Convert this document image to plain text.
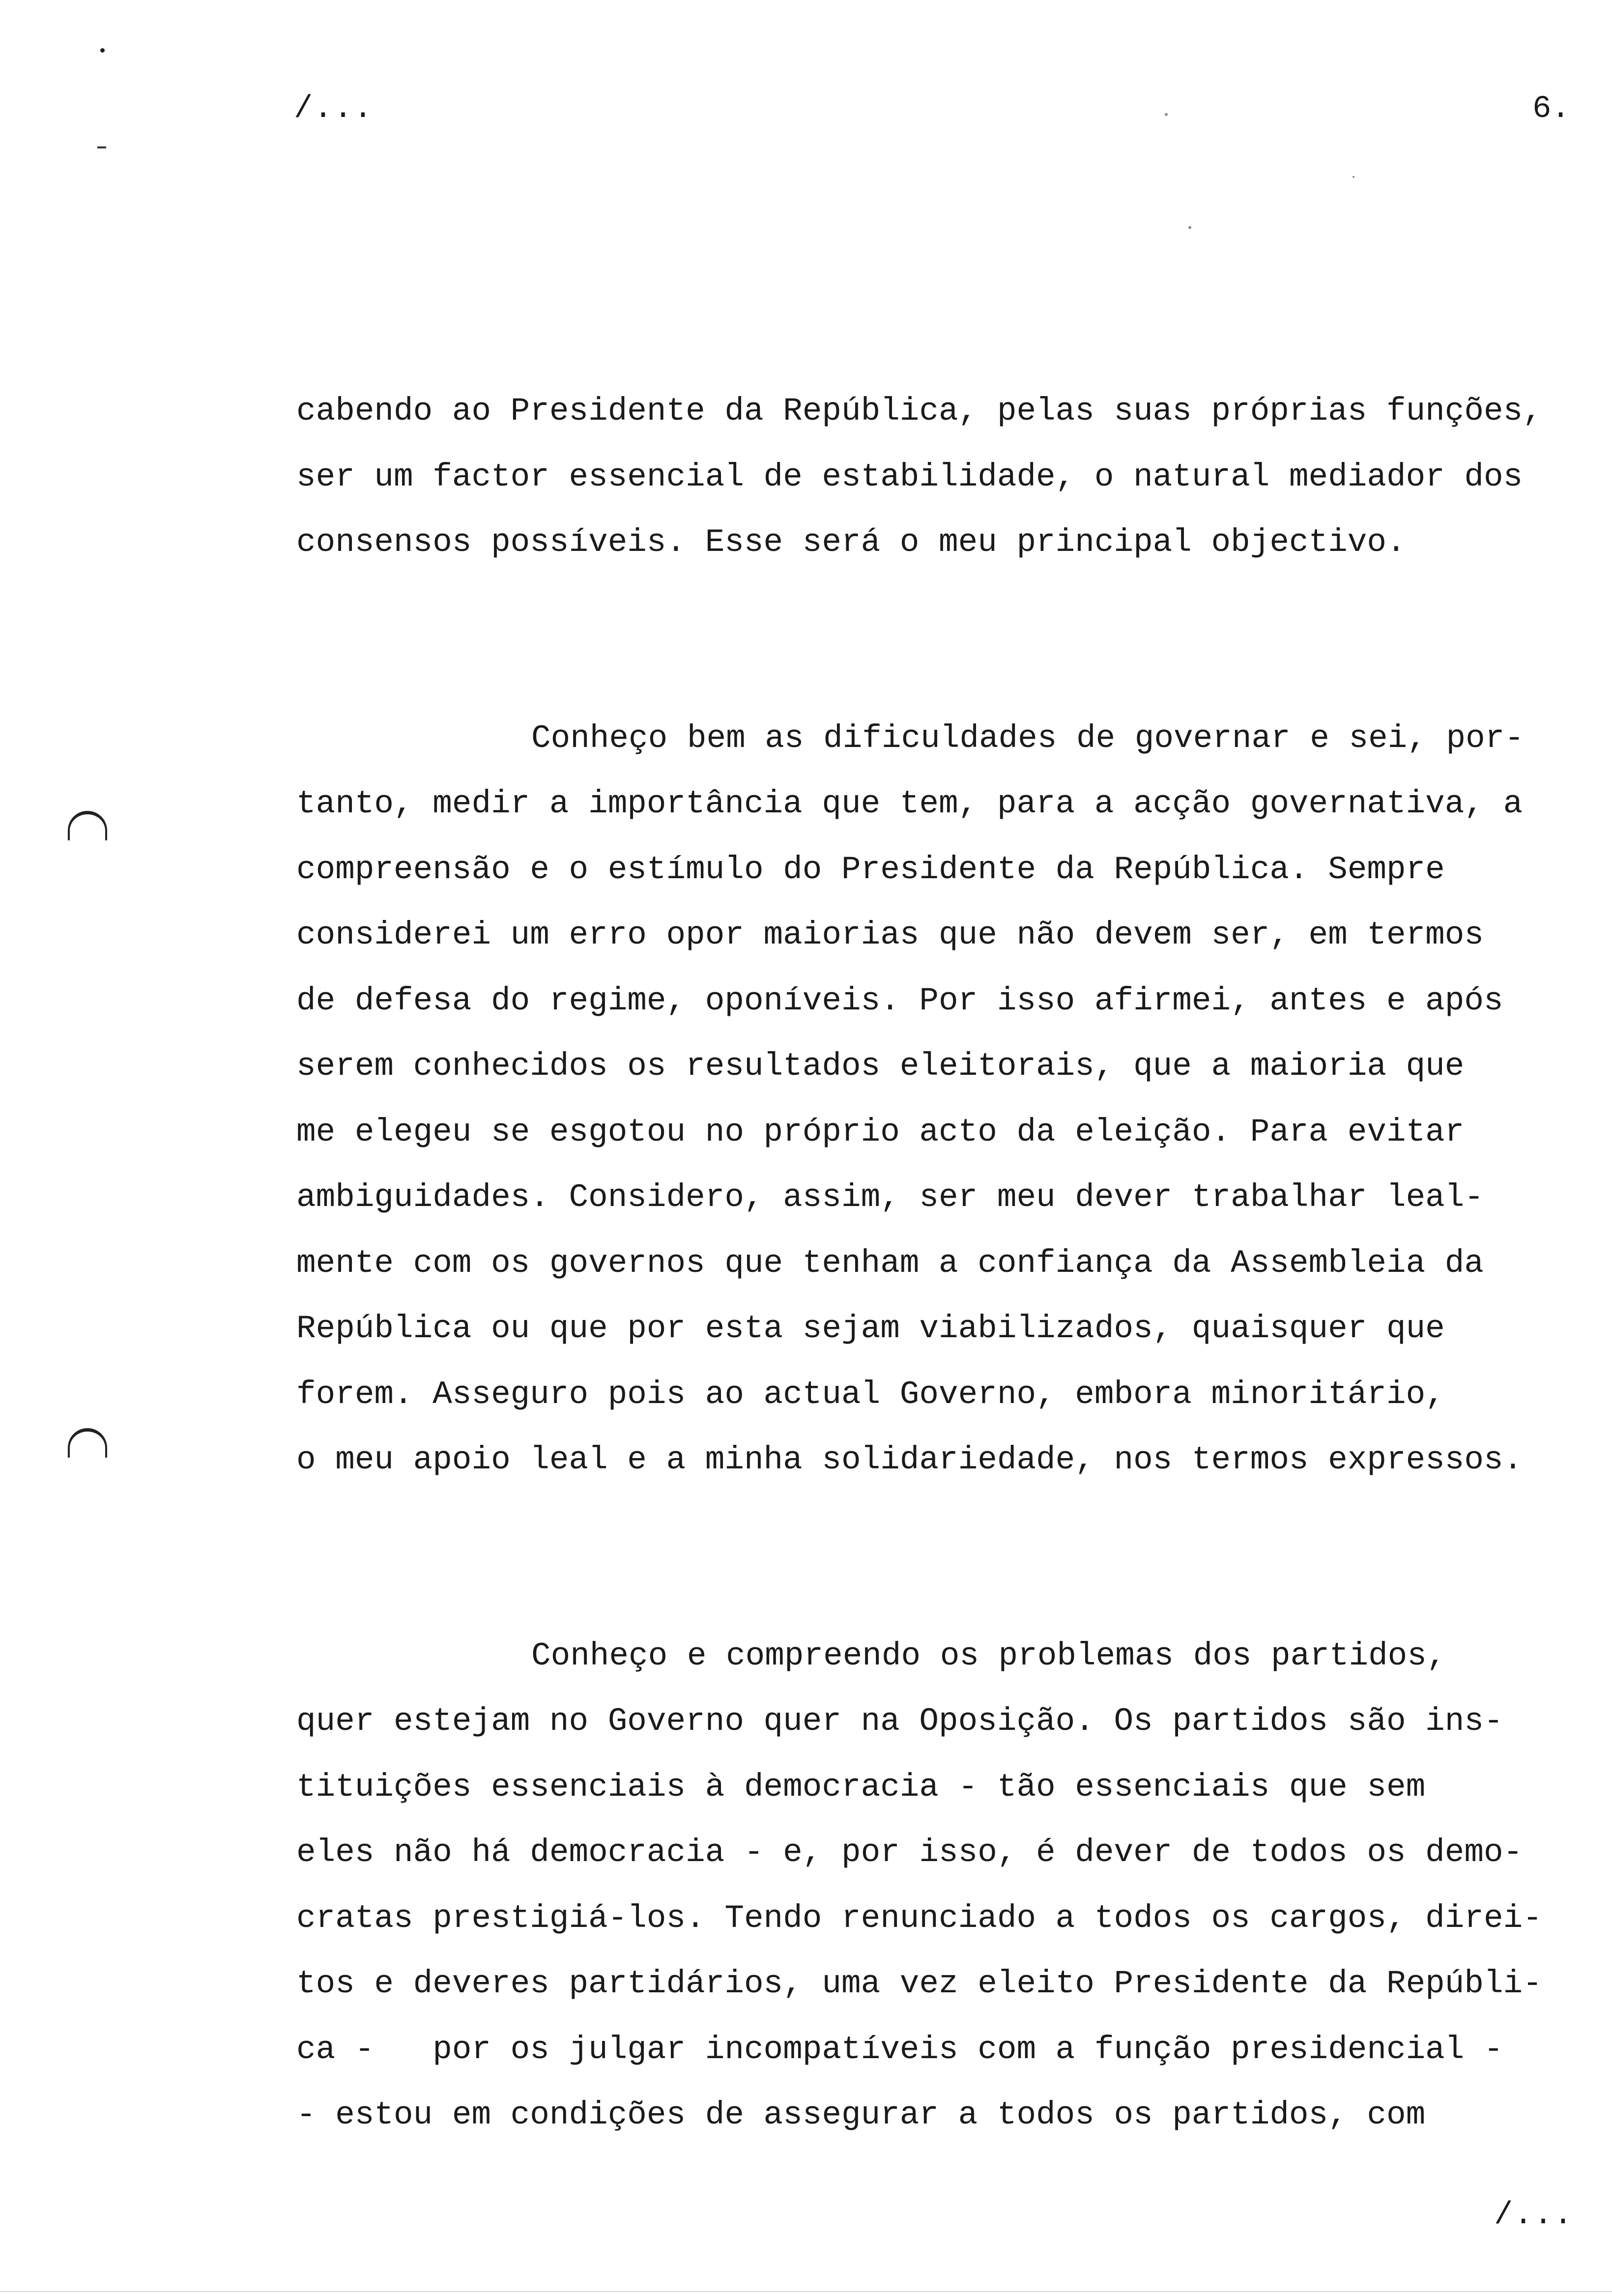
/...	6.

cabendo ao Presidente da República, pelas suas próprias funções,
ser um factor essencial de estabilidade, o natural mediador dos
consensos possíveis. Esse será o meu principal objectivo.

Conheço bem as dificuldades de governar e sei, por-
tanto, medir a importância que tem, para a acção governativa, a
compreensão e o estímulo do Presidente da República. Sempre
considerei um erro opor maiorias que não devem ser, em termos
de defesa do regime, oponíveis. Por isso afirmei, antes e após
serem conhecidos os resultados eleitorais, que a maioria que
me elegeu se esgotou no próprio acto da eleição. Para evitar
ambiguidades. Considero, assim, ser meu dever trabalhar leal-
mente com os governos que tenham a confiança da Assembleia da
República ou que por esta sejam viabilizados, quaisquer que
forem. Asseguro pois ao actual Governo, embora minoritário,
o meu apoio leal e a minha solidariedade, nos termos expressos.

Conheço e compreendo os problemas dos partidos,
quer estejam no Governo quer na Oposição. Os partidos são ins-
tituições essenciais à democracia - tão essenciais que sem
eles não há democracia - e, por isso, é dever de todos os demo-
cratas prestigiá-los. Tendo renunciado a todos os cargos, direi-
tos e deveres partidários, uma vez eleito Presidente da Repúbli-
ca -   por os julgar incompatíveis com a função presidencial -
- estou em condições de assegurar a todos os partidos, com

/...
